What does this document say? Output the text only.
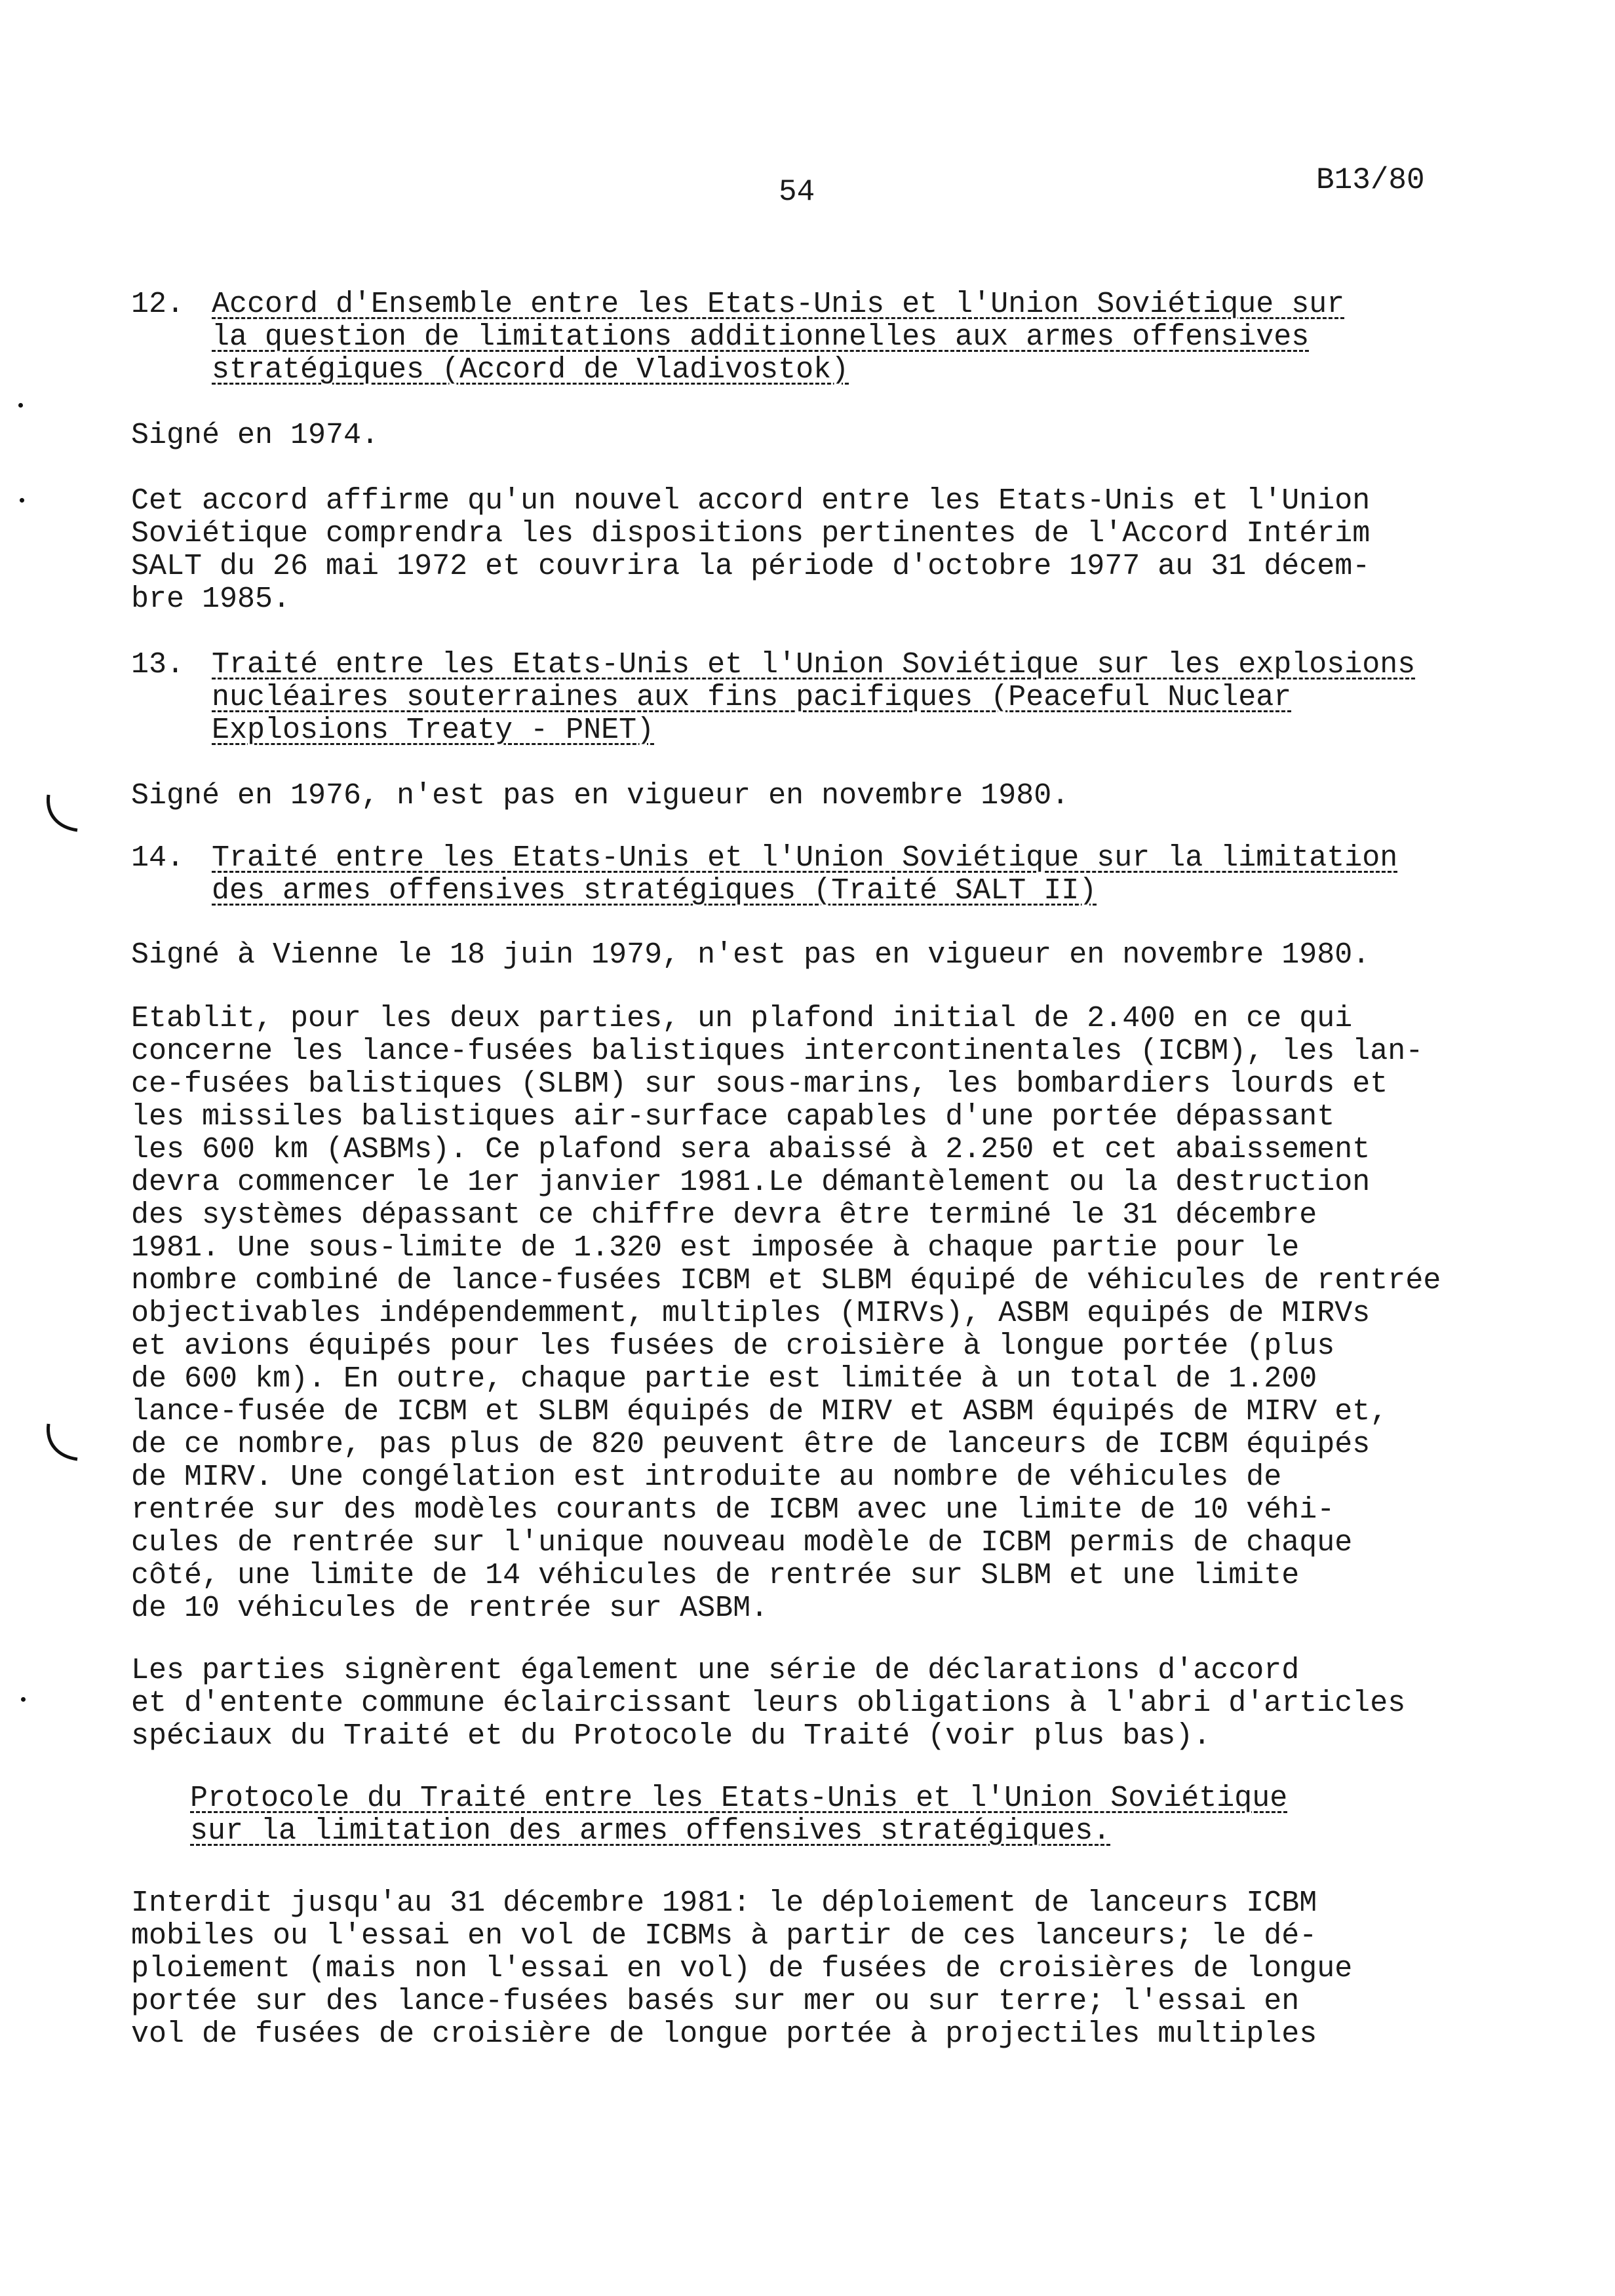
54	B13/80
12. Accord d'Ensemble entre les Etats-Unis et l'Union Soviétique sur
la question de limitations additionnelles aux armes offensives
stratégiques (Accord de Vladivostok)
Signé en 1974.
Cet accord affirme qu'un nouvel accord entre les Etats-Unis et l'Union
Soviétique comprendra les dispositions pertinentes de l'Accord Intérim
SALT du 26 mai 1972 et couvrira la période d'octobre 1977 au 31 décem-
bre 1985.
13. Traité entre les Etats-Unis et l'Union Soviétique sur les explosions
nucléaires souterraines aux fins pacifiques (Peaceful Nuclear
Explosions Treaty - PNET)
Signé en 1976, n'est pas en vigueur en novembre 1980.
14. Traité entre les Etats-Unis et l'Union Soviétique sur la limitation
des armes offensives stratégiques (Traité SALT II)
Signé à Vienne le 18 juin 1979, n'est pas en vigueur en novembre 1980.
Etablit, pour les deux parties, un plafond initial de 2.400 en ce qui
concerne les lance-fusées balistiques intercontinentales (ICBM), les lan-
ce-fusées balistiques (SLBM) sur sous-marins, les bombardiers lourds et
les missiles balistiques air-surface capables d'une portée dépassant
les 600 km (ASBMs). Ce plafond sera abaissé à 2.250 et cet abaissement
devra commencer le 1er janvier 1981.Le démantèlement ou la destruction
des systèmes dépassant ce chiffre devra être terminé le 31 décembre
1981. Une sous-limite de 1.320 est imposée à chaque partie pour le
nombre combiné de lance-fusées ICBM et SLBM équipé de véhicules de rentrée
objectivables indépendemment, multiples (MIRVs), ASBM equipés de MIRVs
et avions équipés pour les fusées de croisière à longue portée (plus
de 600 km). En outre, chaque partie est limitée à un total de 1.200
lance-fusée de ICBM et SLBM équipés de MIRV et ASBM équipés de MIRV et,
de ce nombre, pas plus de 820 peuvent être de lanceurs de ICBM équipés
de MIRV. Une congélation est introduite au nombre de véhicules de
rentrée sur des modèles courants de ICBM avec une limite de 10 véhi-
cules de rentrée sur l'unique nouveau modèle de ICBM permis de chaque
côté, une limite de 14 véhicules de rentrée sur SLBM et une limite
de 10 véhicules de rentrée sur ASBM.
Les parties signèrent également une série de déclarations d'accord
et d'entente commune éclaircissant leurs obligations à l'abri d'articles
spéciaux du Traité et du Protocole du Traité (voir plus bas).
Protocole du Traité entre les Etats-Unis et l'Union Soviétique
sur la limitation des armes offensives stratégiques.
Interdit jusqu'au 31 décembre 1981: le déploiement de lanceurs ICBM
mobiles ou l'essai en vol de ICBMs à partir de ces lanceurs; le dé-
ploiement (mais non l'essai en vol) de fusées de croisières de longue
portée sur des lance-fusées basés sur mer ou sur terre; l'essai en
vol de fusées de croisière de longue portée à projectiles multiples
